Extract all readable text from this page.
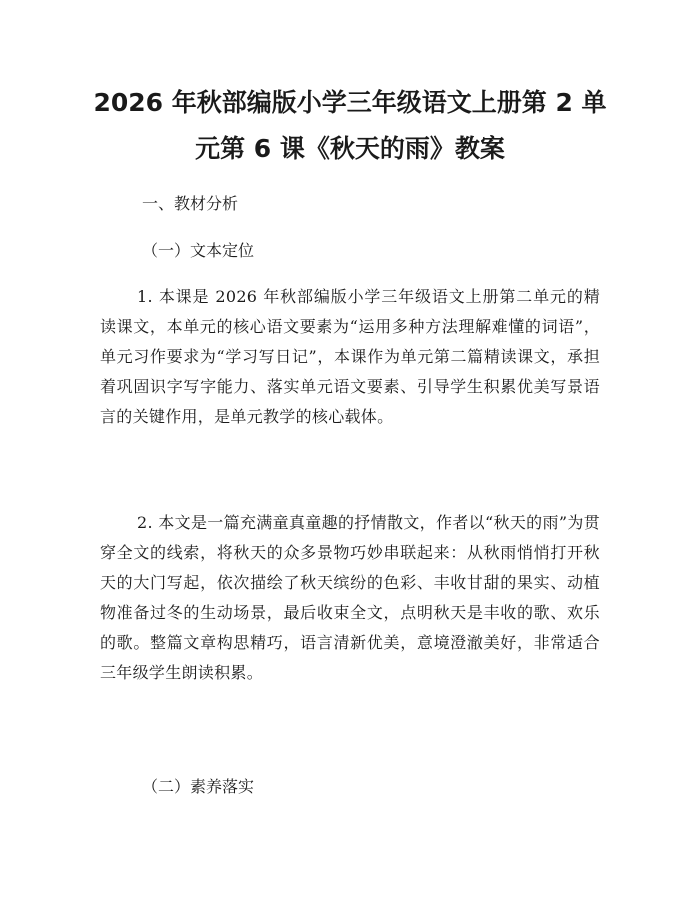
2026 年秋部编版小学三年级语文上册第 2 单
元第 6 课《秋天的雨》教案
一、教材分析
（一）文本定位

1. 本课是 2026 年秋部编版小学三年级语文上册第二单元的精读课文，本单元的核心语文要素为“运用多种方法理解难懂的词语”，单元习作要求为“学习写日记”，本课作为单元第二篇精读课文，承担着巩固识字写字能力、落实单元语文要素、引导学生积累优美写景语言的关键作用，是单元教学的核心载体。

2. 本文是一篇充满童真童趣的抒情散文，作者以“秋天的雨”为贯穿全文的线索，将秋天的众多景物巧妙串联起来：从秋雨悄悄打开秋天的大门写起，依次描绘了秋天缤纷的色彩、丰收甘甜的果实、动植物准备过冬的生动场景，最后收束全文，点明秋天是丰收的歌、欢乐的歌。整篇文章构思精巧，语言清新优美，意境澄澈美好，非常适合三年级学生朗读积累。

（二）素养落实
